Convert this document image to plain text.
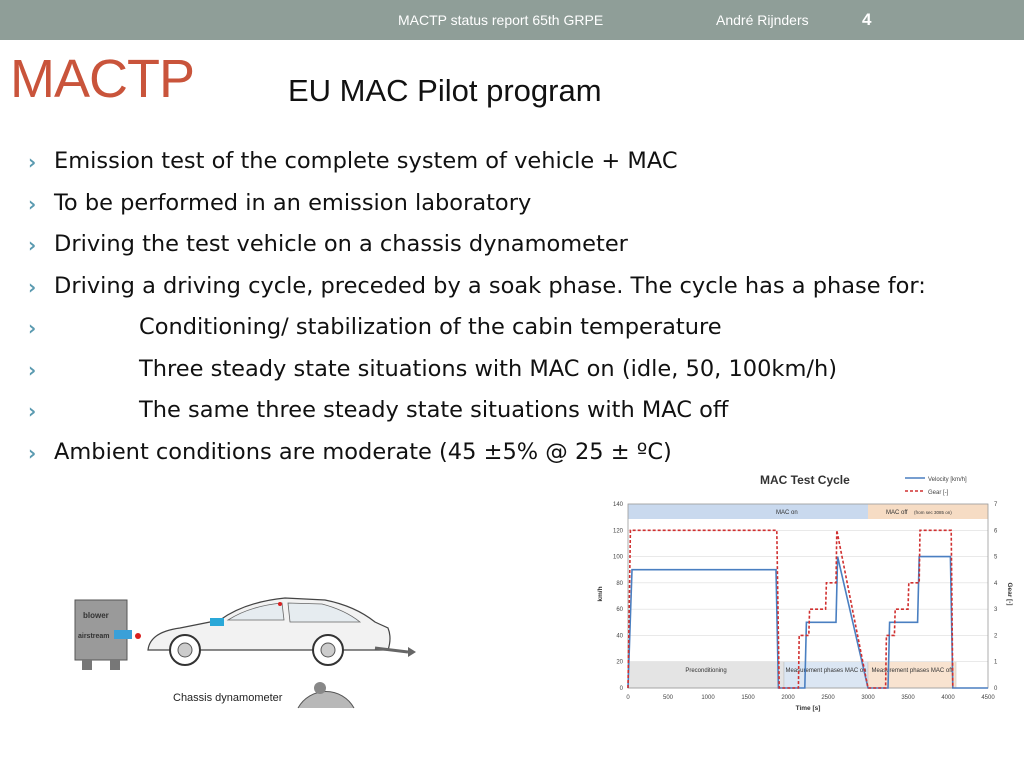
MACTP status report 65th GRPE	André Rijnders	4
MACTP	EU MAC Pilot program
› Emission test of the complete system of vehicle + MAC
› To be performed in an emission laboratory
› Driving the test vehicle on a chassis dynamometer
› Driving a driving cycle, preceded by a soak phase. The cycle has a phase for:
›	Conditioning/ stabilization of the cabin temperature
›	Three steady state situations with MAC on (idle, 50, 100km/h)
›	The same three steady state situations with MAC off
› Ambient conditions are moderate (45 ±5% @ 25 ± ºC)
blower
airstream
Chassis dynamometer
MAC Test Cycle	Velocity [km/h]
Gear [-]
MAC on	MAC off (from sec 3085 on)
Preconditioning	Measurement phases MAC on Measurement phases MAC off
0
20
40
60
80
100
120
140
0
1
2
3
4
5
6
7
0	500	1000	1500	2000	2500	3000	3500	4000	4500
Time [s]
km/h	Gear [-]
